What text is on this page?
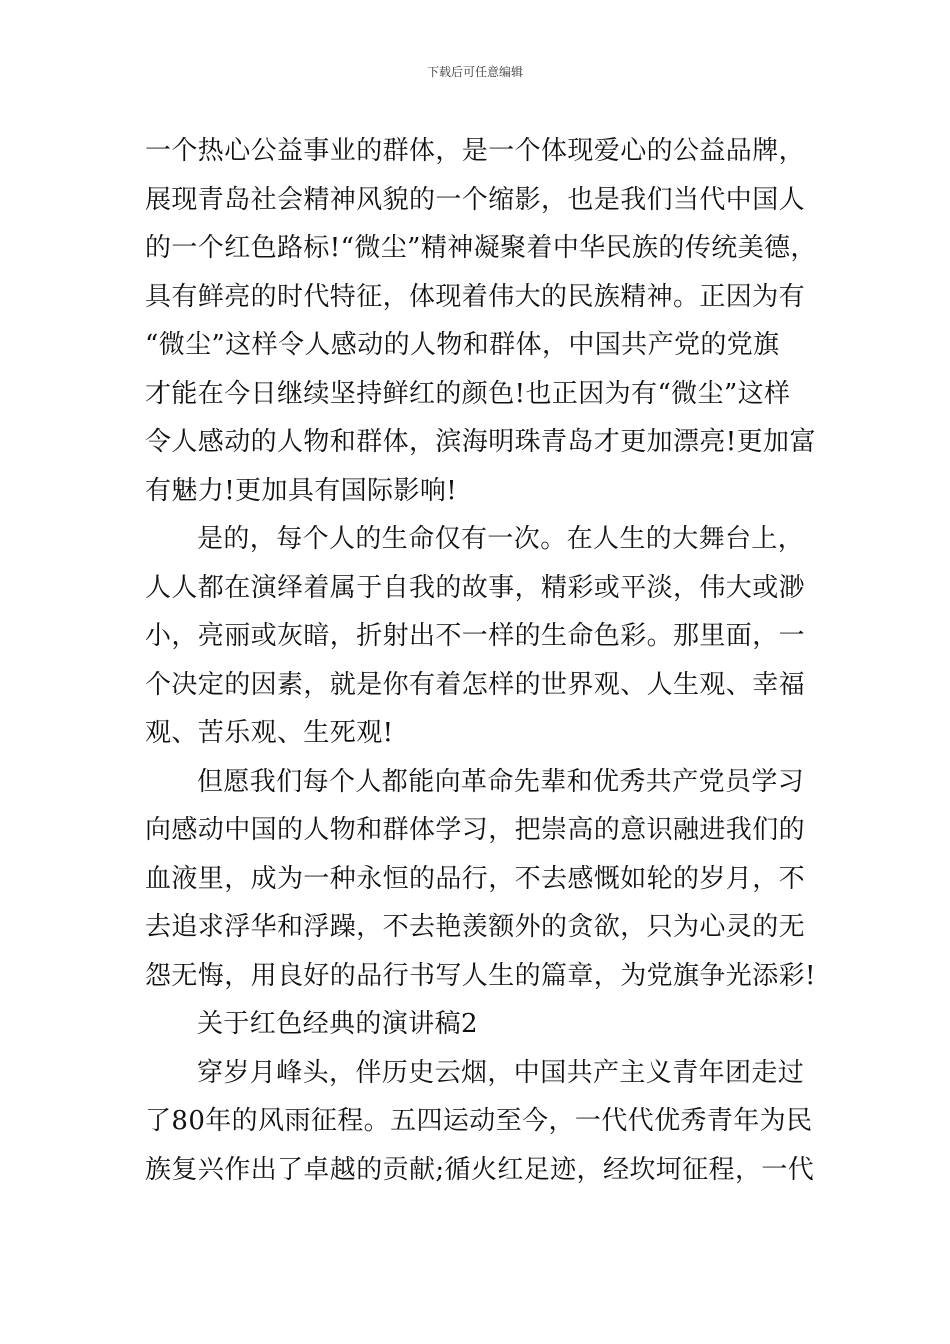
下载后可任意编辑
一个热心公益事业的群体，是一个体现爱心的公益品牌，
展现青岛社会精神风貌的一个缩影，也是我们当代中国人
的一个红色路标!“微尘”精神凝聚着中华民族的传统美德，
具有鲜亮的时代特征，体现着伟大的民族精神。正因为有
“微尘”这样令人感动的人物和群体，中国共产党的党旗
才能在今日继续坚持鲜红的颜色!也正因为有“微尘”这样
令人感动的人物和群体，滨海明珠青岛才更加漂亮!更加富
有魅力!更加具有国际影响!
是的，每个人的生命仅有一次。在人生的大舞台上，
人人都在演绎着属于自我的故事，精彩或平淡，伟大或渺
小，亮丽或灰暗，折射出不一样的生命色彩。那里面，一
个决定的因素，就是你有着怎样的世界观、人生观、幸福
观、苦乐观、生死观!
但愿我们每个人都能向革命先辈和优秀共产党员学习
向感动中国的人物和群体学习，把崇高的意识融进我们的
血液里，成为一种永恒的品行，不去感慨如轮的岁月，不
去追求浮华和浮躁，不去艳羡额外的贪欲，只为心灵的无
怨无悔，用良好的品行书写人生的篇章，为党旗争光添彩!
关于红色经典的演讲稿2
穿岁月峰头，伴历史云烟，中国共产主义青年团走过
了80年的风雨征程。五四运动至今，一代代优秀青年为民
族复兴作出了卓越的贡献;循火红足迹，经坎坷征程，一代
